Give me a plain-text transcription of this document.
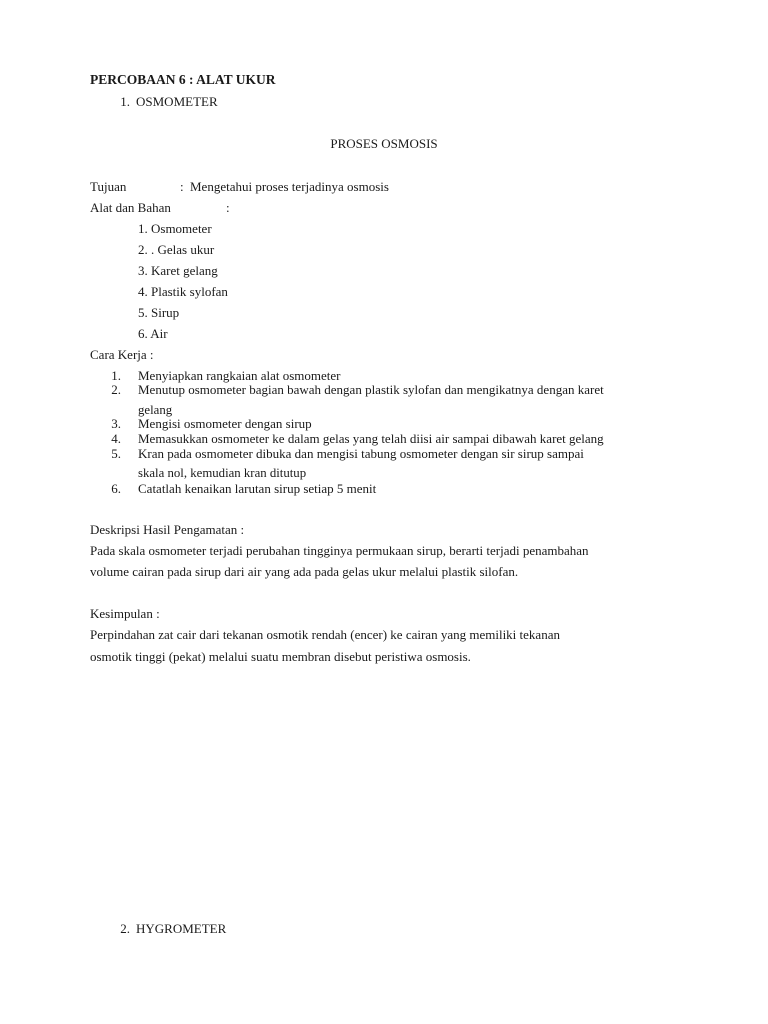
PERCOBAAN 6 : ALAT UKUR
1. OSMOMETER
PROSES OSMOSIS
Tujuan	: Mengetahui proses terjadinya osmosis
Alat dan Bahan	:
1. Osmometer
2. . Gelas ukur
3. Karet gelang
4. Plastik sylofan
5. Sirup
6. Air
Cara Kerja :
1. Menyiapkan rangkaian alat osmometer
2. Menutup osmometer bagian bawah dengan plastik sylofan dan mengikatnya dengan karet
gelang
3. Mengisi osmometer dengan sirup
4. Memasukkan osmometer ke dalam gelas yang telah diisi air sampai dibawah karet gelang
5. Kran pada osmometer dibuka dan mengisi tabung osmometer dengan sir sirup sampai
skala nol, kemudian kran ditutup
6. Catatlah kenaikan larutan sirup setiap 5 menit
Deskripsi Hasil Pengamatan :
Pada skala osmometer terjadi perubahan tingginya permukaan sirup, berarti terjadi penambahan
volume cairan pada sirup dari air yang ada pada gelas ukur melalui plastik silofan.
Kesimpulan :
Perpindahan zat cair dari tekanan osmotik rendah (encer) ke cairan yang memiliki tekanan
osmotik tinggi (pekat) melalui suatu membran disebut peristiwa osmosis.
2. HYGROMETER
